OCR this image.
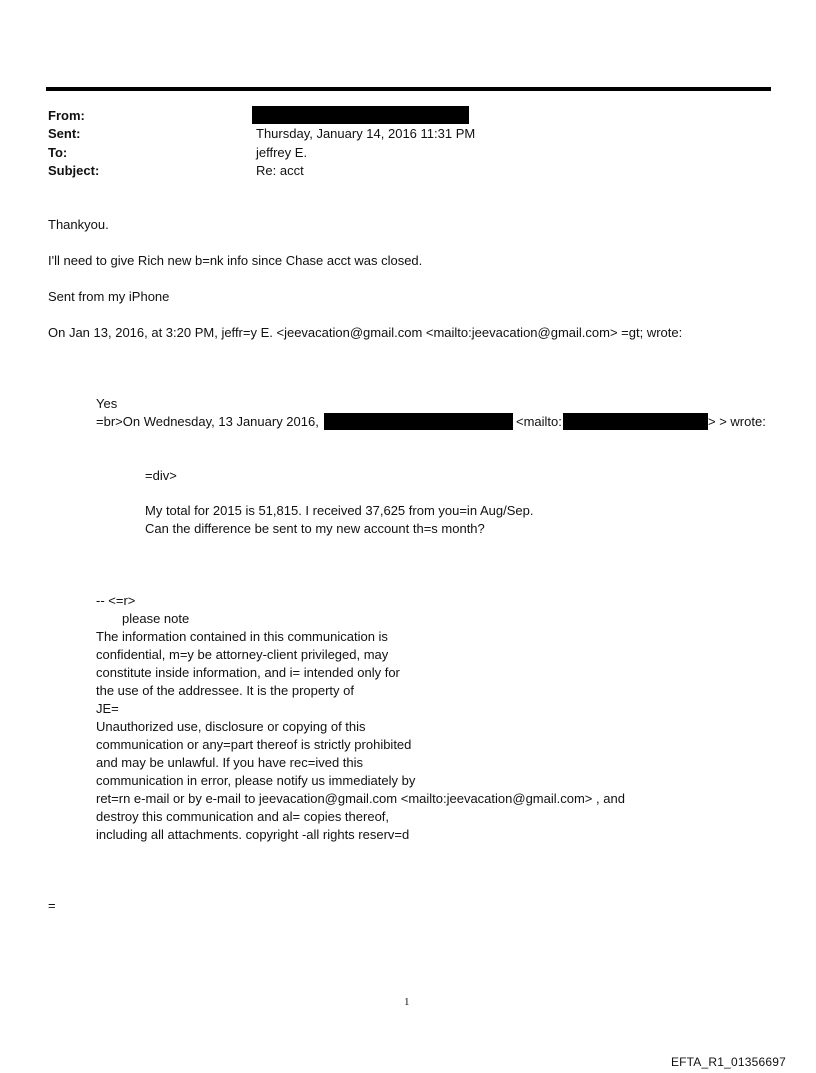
From:
Sent:	Thursday, January 14, 2016 11:31 PM
To:	jeffrey E.
Subject:	Re: acct
Thankyou.
I'll need to give Rich new b=nk info since Chase acct was closed.
Sent from my iPhone
On Jan 13, 2016, at 3:20 PM, jeffr=y E. <jeevacation@gmail.com <mailto:jeevacation@gmail.com> =gt; wrote:
Yes
=br>On Wednesday, 13 January 2016,	<mailto:	> > wrote:
=div>
My total for 2015 is 51,815. I received 37,625 from you=in Aug/Sep.
Can the difference be sent to my new account th=s month?
-- <=r>
please note
The information contained in this communication is
confidential, m=y be attorney-client privileged, may
constitute inside information, and i= intended only for
the use of the addressee. It is the property of
JE=
Unauthorized use, disclosure or copying of this
communication or any=part thereof is strictly prohibited
and may be unlawful. If you have rec=ived this
communication in error, please notify us immediately by
ret=rn e-mail or by e-mail to jeevacation@gmail.com <mailto:jeevacation@gmail.com> , and
destroy this communication and al= copies thereof,
including all attachments. copyright -all rights reserv=d
=
1
EFTA_R1_01356697
